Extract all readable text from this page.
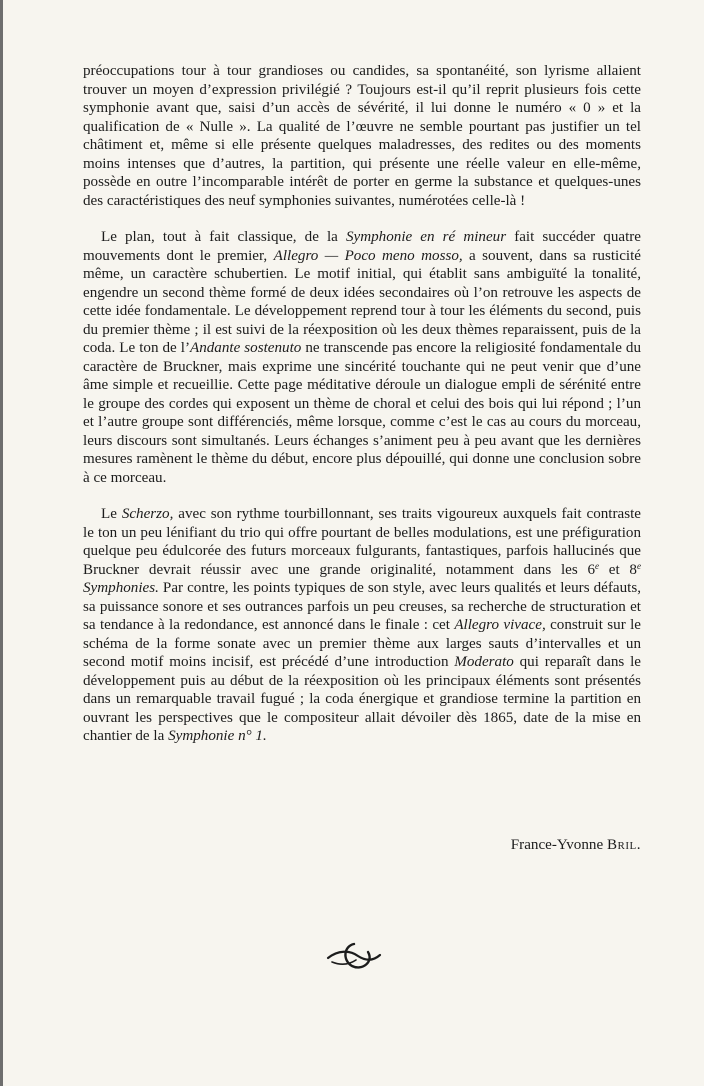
préoccupations tour à tour grandioses ou candides, sa spontanéité, son lyrisme allaient trouver un moyen d’expression privilégié ? Toujours est-il qu’il reprit plusieurs fois cette symphonie avant que, saisi d’un accès de sévérité, il lui donne le numéro « 0 » et la qualification de « Nulle ». La qualité de l’œuvre ne semble pourtant pas justifier un tel châtiment et, même si elle présente quelques maladresses, des redites ou des moments moins intenses que d’autres, la partition, qui présente une réelle valeur en elle-même, possède en outre l’incomparable intérêt de porter en germe la substance et quelques-unes des caractéristiques des neuf symphonies suivantes, numérotées celle-là !

Le plan, tout à fait classique, de la Symphonie en ré mineur fait succéder quatre mouvements dont le premier, Allegro — Poco meno mosso, a souvent, dans sa rusticité même, un caractère schubertien. Le motif initial, qui établit sans ambiguïté la tonalité, engendre un second thème formé de deux idées secondaires où l’on retrouve les aspects de cette idée fondamentale. Le développement reprend tour à tour les éléments du second, puis du premier thème ; il est suivi de la réexposition où les deux thèmes reparaissent, puis de la coda. Le ton de l’Andante sostenuto ne transcende pas encore la religiosité fondamentale du caractère de Bruckner, mais exprime une sincérité touchante qui ne peut venir que d’une âme simple et recueillie. Cette page méditative déroule un dialogue empli de sérénité entre le groupe des cordes qui exposent un thème de choral et celui des bois qui lui répond ; l’un et l’autre groupe sont différenciés, même lorsque, comme c’est le cas au cours du morceau, leurs discours sont simultanés. Leurs échanges s’animent peu à peu avant que les dernières mesures ramènent le thème du début, encore plus dépouillé, qui donne une conclusion sobre à ce morceau.

Le Scherzo, avec son rythme tourbillonnant, ses traits vigoureux auxquels fait contraste le ton un peu lénifiant du trio qui offre pourtant de belles modulations, est une préfiguration quelque peu édulcorée des futurs morceaux fulgurants, fantastiques, parfois hallucinés que Bruckner devrait réussir avec une grande originalité, notamment dans les 6e et 8e Symphonies. Par contre, les points typiques de son style, avec leurs qualités et leurs défauts, sa puissance sonore et ses outrances parfois un peu creuses, sa recherche de structuration et sa tendance à la redondance, est annoncé dans le finale : cet Allegro vivace, construit sur le schéma de la forme sonate avec un premier thème aux larges sauts d’intervalles et un second motif moins incisif, est précédé d’une introduction Moderato qui reparaît dans le développement puis au début de la réexposition où les principaux éléments sont présentés dans un remarquable travail fugué ; la coda énergique et grandiose termine la partition en ouvrant les perspectives que le compositeur allait dévoiler dès 1865, date de la mise en chantier de la Symphonie n° 1.

France-Yvonne Bril.
